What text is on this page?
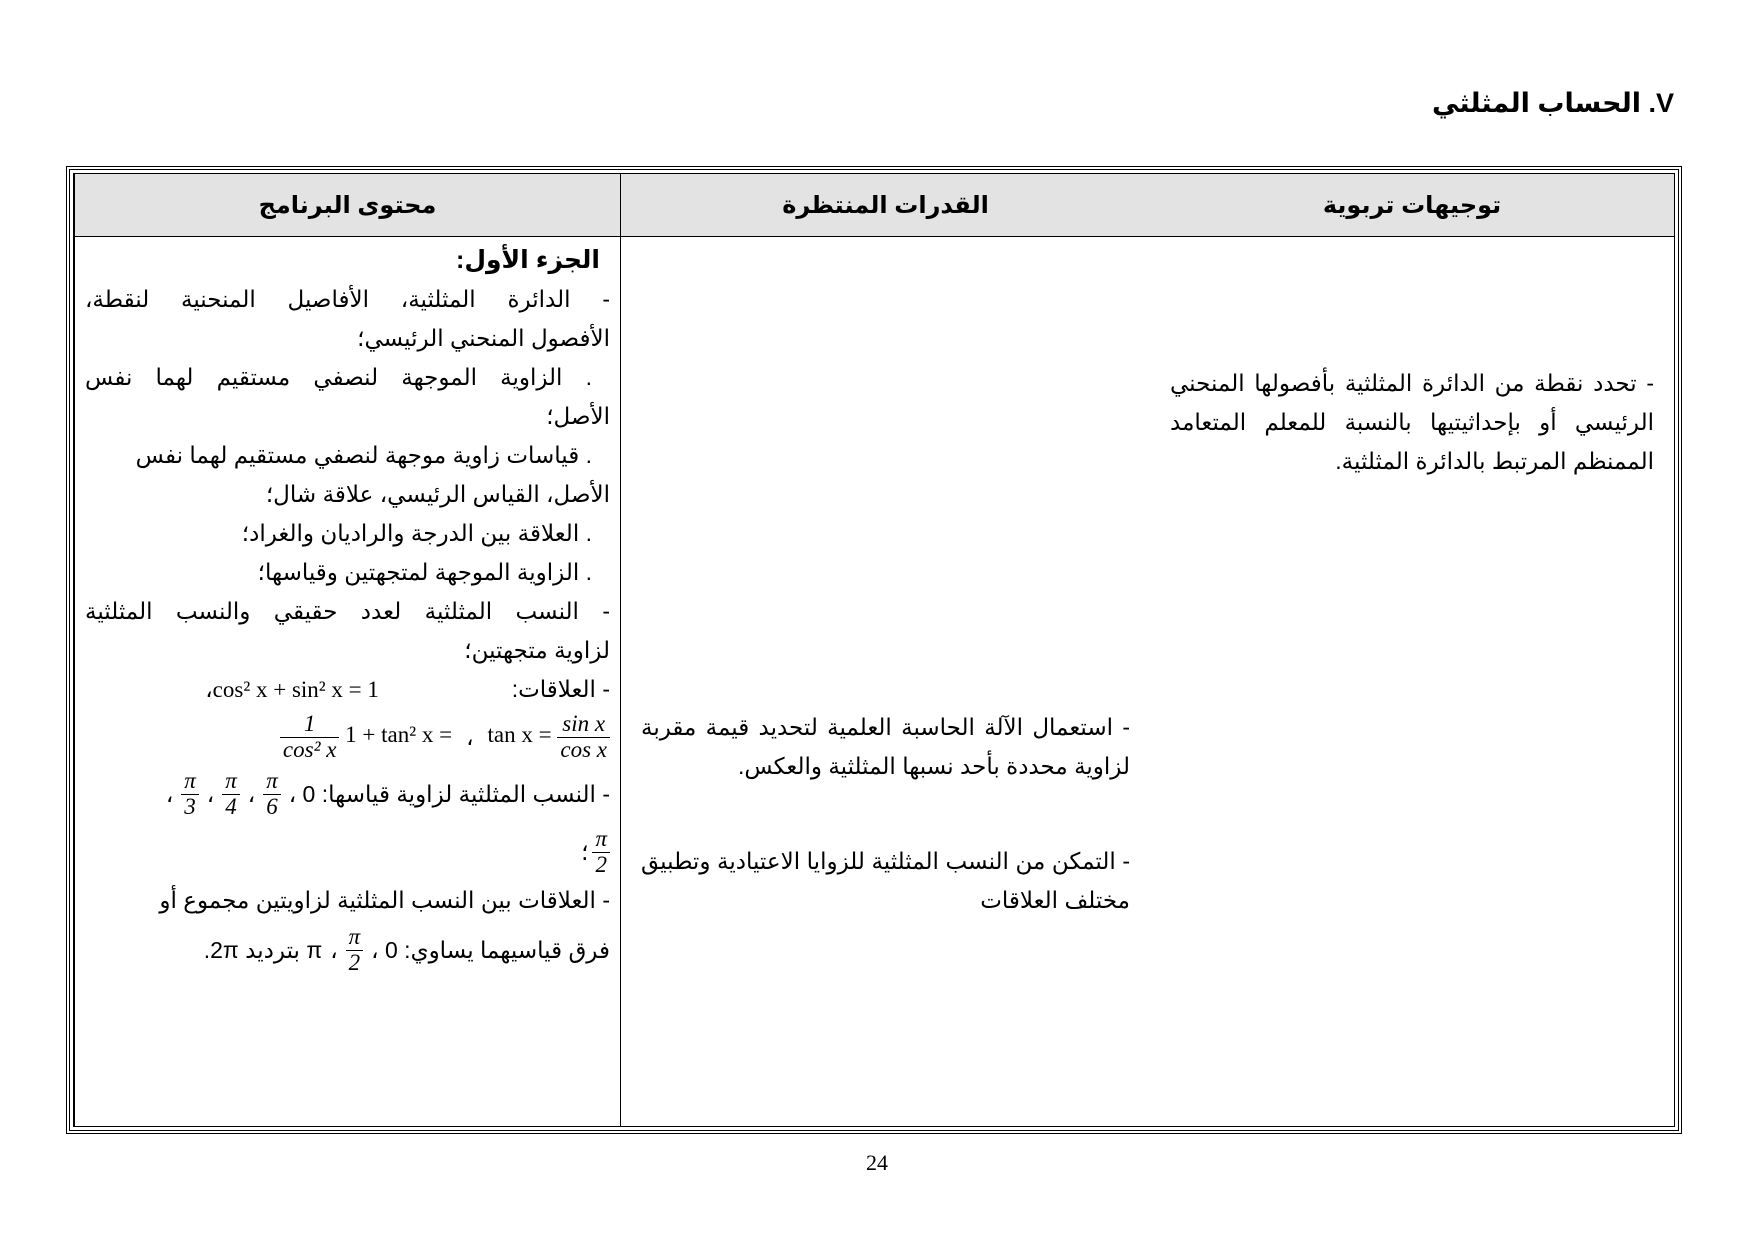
V. الحساب المثلثي
محتوى البرنامج
الجزء الأول:
- الدائرة المثلثية، الأفاصيل المنحنية لنقطة،
الأفصول المنحني الرئيسي؛
. الزاوية الموجهة لنصفي مستقيم لهما نفس
الأصل؛
. قياسات زاوية موجهة لنصفي مستقيم لهما نفس
الأصل، القياس الرئيسي، علاقة شال؛
. العلاقة بين الدرجة والراديان والغراد؛
. الزاوية الموجهة لمتجهتين وقياسها؛
- النسب المثلثية لعدد حقيقي والنسب المثلثية
لزاوية متجهتين؛
- العلاقات:  cos² x + sin² x = 1،
$\tan x = \frac{\text{sin x}}{\text{cos x}}$
،
$\frac{1}{\text{cos² x}} 1 + \tan^2$ x =
- النسب المثلثية لزاوية قياسها: 0 ،
$\frac{\pi}{6}$
،
$\frac{\pi}{4}$
،
$\frac{\pi}{3}$
،
$\frac{\pi}{2}$
؛
- العلاقات بين النسب المثلثية لزاويتين مجموع أو
فرق قياسيهما يساوي: 0 ،
$\frac{\pi}{2}$
،
π بترديد 2π.
القدرات المنتظرة
- استعمال الآلة الحاسبة العلمية لتحديد قيمة مقربة لزاوية محددة بأحد نسبها المثلثية والعكس.
- التمكن من النسب المثلثية للزوايا الاعتيادية وتطبيق مختلف العلاقات
توجيهات تربوية
- تحدد نقطة من الدائرة المثلثية بأفصولها المنحني الرئيسي أو بإحداثيتيها بالنسبة للمعلم المتعامد الممنظم المرتبط بالدائرة المثلثية.
24
